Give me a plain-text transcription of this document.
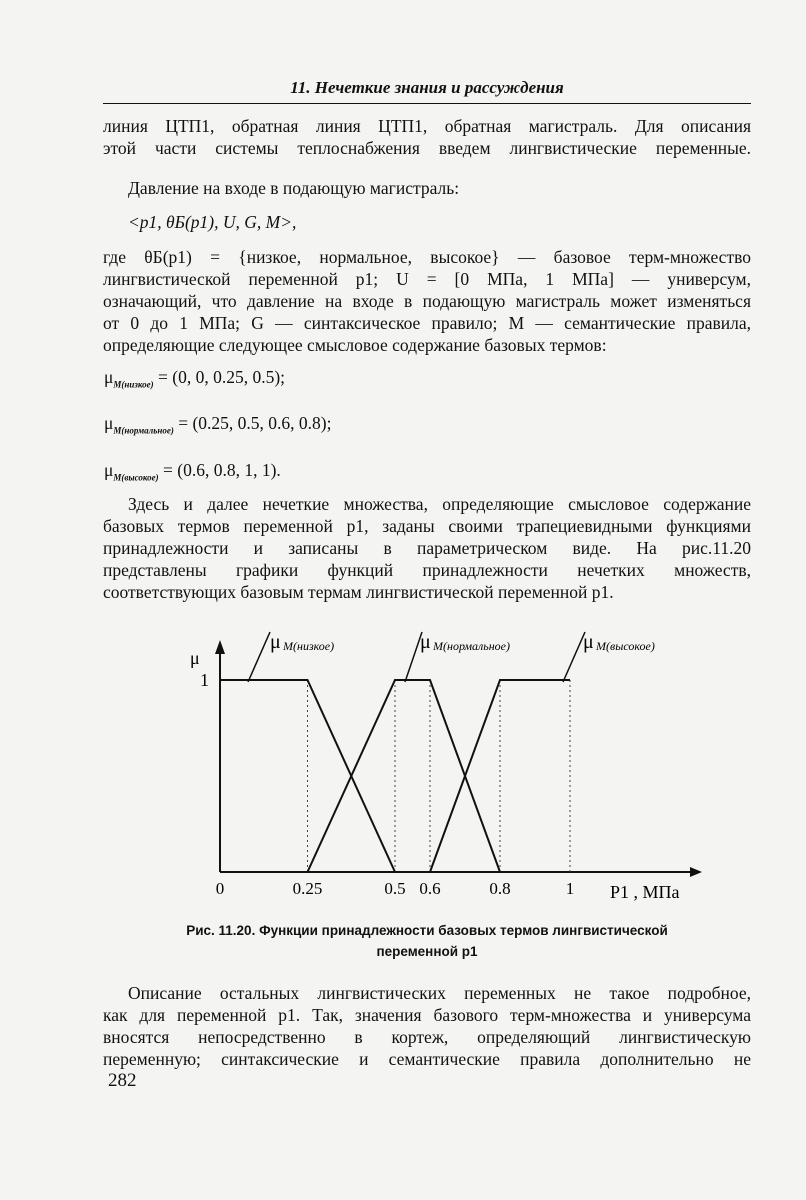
11. Нечеткие знания и рассуждения
линия ЦТП1, обратная линия ЦТП1, обратная магистраль. Для описания
этой части системы теплоснабжения введем лингвистические переменные.
Давление на входе в подающую магистраль:
<p1, θБ(p1), U, G, M>,
где θБ(p1) = {низкое, нормальное, высокое} — базовое терм-множество
лингвистической переменной p1; U = [0 МПа, 1 МПа] — универсум,
означающий, что давление на входе в подающую магистраль может изменяться
от 0 до 1 МПа; G — синтаксическое правило; M — семантические правила,
определяющие следующее смысловое содержание базовых термов:
$\mu_{M(низкое)} = (0$, 0, 0.25, 0.5);
$\mu_{M(нормальное)} = (0.25$, 0.5, 0.6, 0.8);
$\mu_{M(высокое)} = (0.6$, 0.8, 1, 1).
Здесь и далее нечеткие множества, определяющие смысловое содержание
базовых термов переменной p1, заданы своими трапециевидными функциями
принадлежности и записаны в параметрическом виде. На рис.11.20
представлены графики функций принадлежности нечетких множеств,
соответствующих базовым термам лингвистической переменной p1.
μ
P1 , МПа
0	0.25	0.5 0.6	0.8	1
1
μ M(низкое)	μ M(нормальное)	μ M(высокое)
Рис. 11.20. Функции принадлежности базовых термов лингвистической
переменной p1
Описание остальных лингвистических переменных не такое подробное,
как для переменной p1. Так, значения базового терм-множества и универсума
вносятся непосредственно в кортеж, определяющий лингвистическую
переменную; синтаксические и семантические правила дополнительно не
282
